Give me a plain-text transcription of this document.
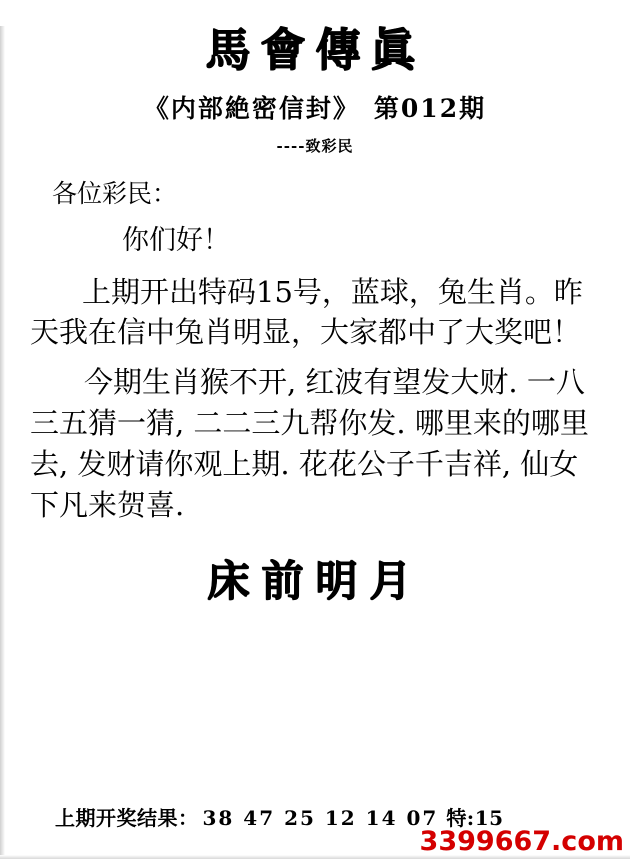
馬會傳眞
《内部絶密信封》 第012期
----致彩民
各位彩民：
你们好！
上期开出特码15号，蓝球，兔生肖。昨天我在信中兔肖明显，大家都中了大奖吧！
今期生肖猴不开, 红波有望发大财. 一八三五猜一猜, 二二三九帮你发. 哪里来的哪里去, 发财请你观上期. 花花公子千吉祥, 仙女下凡来贺喜.
床前明月
上期开奖结果： 38 47 25 12 14 07 特:15
3399667.com
